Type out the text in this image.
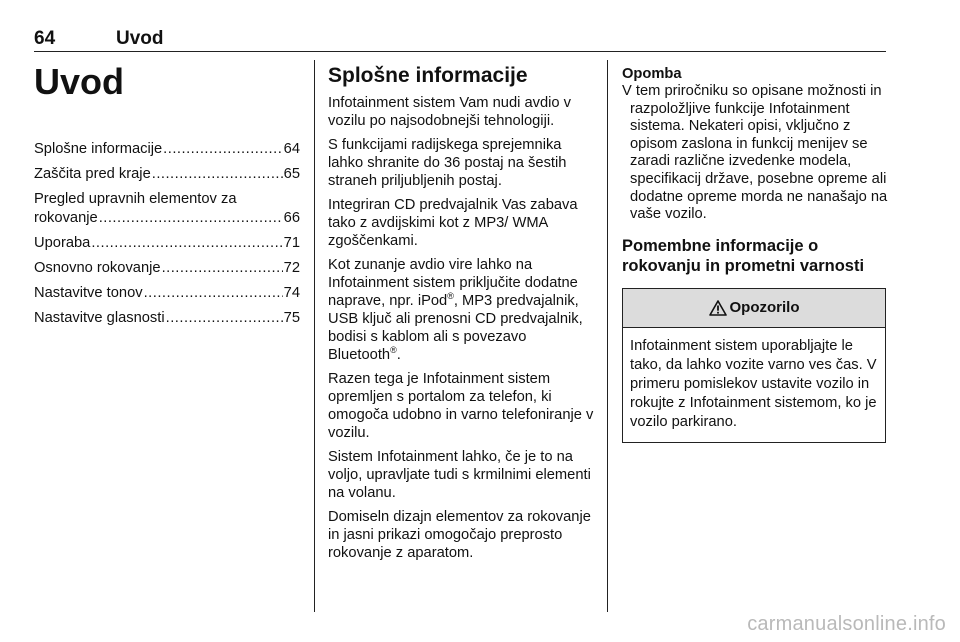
64	Uvod
Uvod
Splošne informacije .....	64
Zaščita pred kraje .....	65
Pregled upravnih elementov za
rokovanje .....	66
Uporaba .....	71
Osnovno rokovanje .....	72
Nastavitve tonov .....	74
Nastavitve glasnosti .....	75
Splošne informacije

Infotainment sistem Vam nudi avdio v vozilu po najsodobnejši tehnologiji.

S funkcijami radijskega sprejemnika lahko shranite do 36 postaj na šestih straneh priljubljenih postaj.

Integriran CD predvajalnik Vas zabava tako z avdijskimi kot z MP3/ WMA zgoščenkami.

Kot zunanje avdio vire lahko na Infotainment sistem priključite dodatne naprave, npr. iPod®, MP3 predvajalnik, USB ključ ali prenosni CD predvajalnik, bodisi s kablom ali s povezavo Bluetooth®.

Razen tega je Infotainment sistem opremljen s portalom za telefon, ki omogoča udobno in varno telefoniranje v vozilu.

Sistem Infotainment lahko, če je to na voljo, upravljate tudi s krmilnimi elementi na volanu.

Domiseln dizajn elementov za rokovanje in jasni prikazi omogočajo preprosto rokovanje z aparatom.

Opomba
V tem priročniku so opisane možnosti in razpoložljive funkcije Infotainment sistema. Nekateri opisi, vključno z opisom zaslona in funkcij menijev se zaradi različne izvedenke modela, specifikacij države, posebne opreme ali dodatne opreme morda ne nanašajo na vaše vozilo.
Pomembne informacije o rokovanju in prometni varnosti
Opozorilo
Infotainment sistem uporabljajte le tako, da lahko vozite varno ves čas. V primeru pomislekov ustavite vozilo in rokujte z Infotainment sistemom, ko je vozilo parkirano.
carmanualsonline.info
